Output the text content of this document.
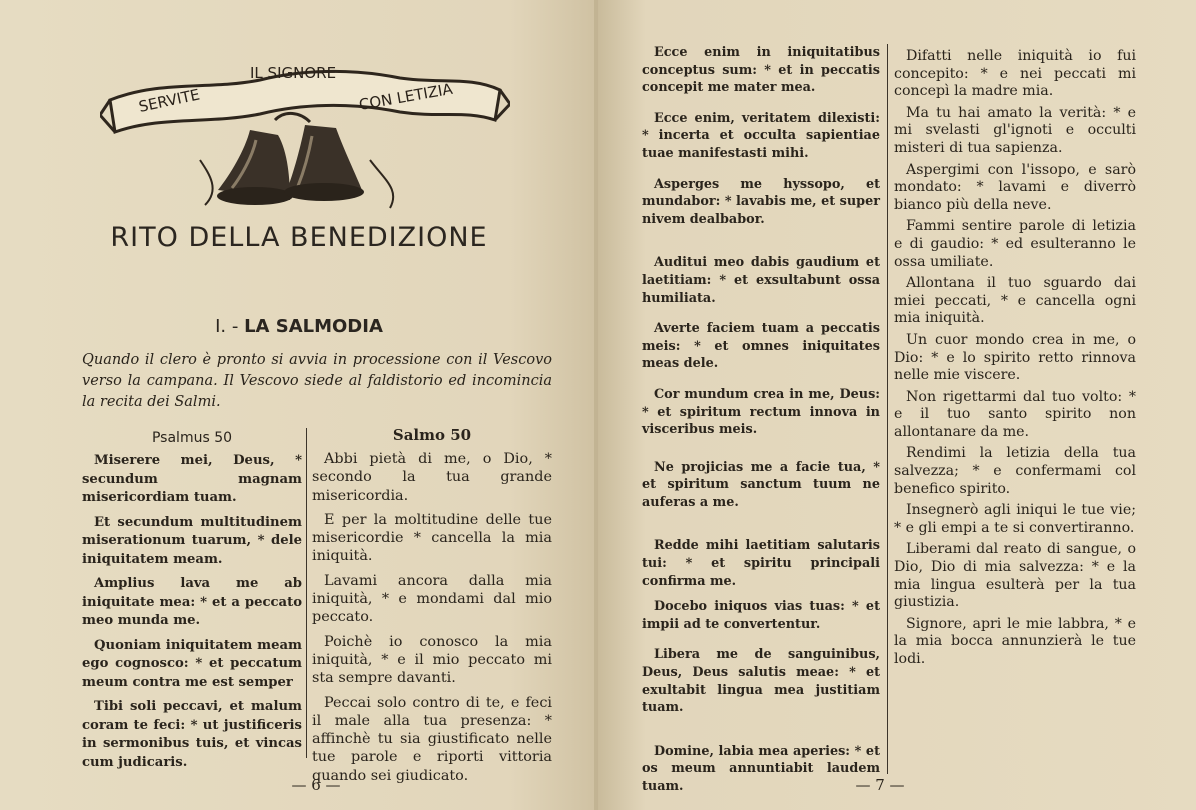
SERVITE
IL SIGNORE
CON LETIZIA
RITO DELLA BENEDIZIONE
I. - LA SALMODIA
Quando il clero è pronto si avvia in processione con il Vescovo verso la campana. Il Vescovo siede al faldistorio ed incomincia la recita dei Salmi.
Psalmus 50	Salmo 50

Miserere mei, Deus, * secundum magnam misericordiam tuam.

Et secundum multitudinem miserationum tuarum, * dele iniquitatem meam.

Amplius lava me ab iniquitate mea: * et a peccato meo munda me.

Quoniam iniquitatem meam ego cognosco: * et peccatum meum contra me est semper

Tibi soli peccavi, et malum coram te feci: * ut justificeris in sermonibus tuis, et vincas cum judicaris.

Abbi pietà di me, o Dio, * secondo la tua grande misericordia.

E per la moltitudine delle tue misericordie * cancella la mia iniquità.

Lavami ancora dalla mia iniquità, * e mondami dal mio peccato.

Poichè io conosco la mia iniquità, * e il mio peccato mi sta sempre davanti.

Peccai solo contro di te, e feci il male alla tua presenza: * affinchè tu sia giustificato nelle tue parole e riporti vittoria quando sei giudicato.

— 6 —

Ecce enim in iniquitatibus conceptus sum: * et in peccatis concepit me mater mea.

Ecce enim, veritatem dilexisti: * incerta et occulta sapientiae tuae manifestasti mihi.

Asperges me hyssopo, et mundabor: * lavabis me, et super nivem dealbabor.

Auditui meo dabis gaudium et laetitiam: * et exsultabunt ossa humiliata.

Averte faciem tuam a peccatis meis: * et omnes iniquitates meas dele.

Cor mundum crea in me, Deus: * et spiritum rectum innova in visceribus meis.

Ne projicias me a facie tua, * et spiritum sanctum tuum ne auferas a me.

Redde mihi laetitiam salutaris tui: * et spiritu principali confirma me.

Docebo iniquos vias tuas: * et impii ad te convertentur.

Libera me de sanguinibus, Deus, Deus salutis meae: * et exultabit lingua mea justitiam tuam.

Domine, labia mea aperies: * et os meum annuntiabit laudem tuam.

Difatti nelle iniquità io fui concepito: * e nei peccati mi concepì la madre mia.

Ma tu hai amato la verità: * e mi svelasti gl'ignoti e occulti misteri di tua sapienza.

Aspergimi con l'issopo, e sarò mondato: * lavami e diverrò bianco più della neve.

Fammi sentire parole di letizia e di gaudio: * ed esulteranno le ossa umiliate.

Allontana il tuo sguardo dai miei peccati, * e cancella ogni mia iniquità.

Un cuor mondo crea in me, o Dio: * e lo spirito retto rinnova nelle mie viscere.

Non rigettarmi dal tuo volto: * e il tuo santo spirito non allontanare da me.

Rendimi la letizia della tua salvezza; * e confermami col benefico spirito.

Insegnerò agli iniqui le tue vie; * e gli empi a te si convertiranno.

Liberami dal reato di sangue, o Dio, Dio di mia salvezza: * e la mia lingua esulterà per la tua giustizia.

Signore, apri le mie labbra, * e la mia bocca annunzierà le tue lodi.

— 7 —
